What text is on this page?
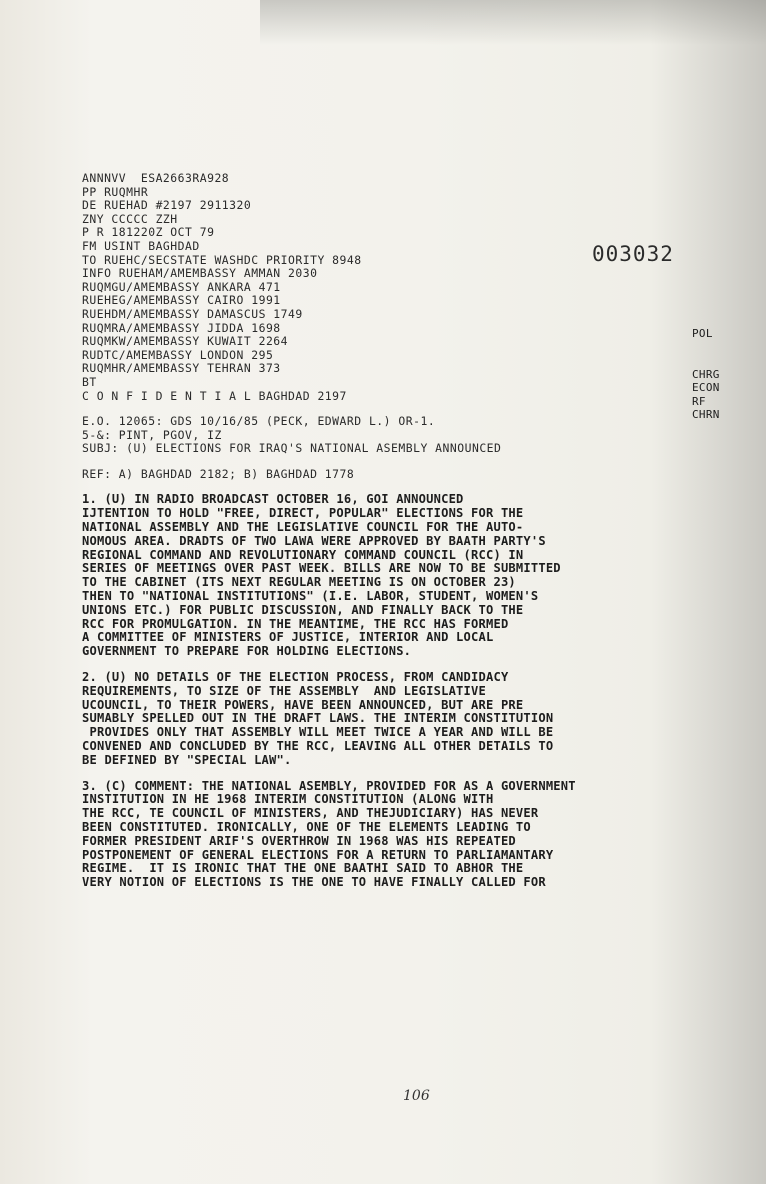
003032
POL
CHRG
ECON
RF
CHRN
ANNNVV  ESA2663RA928
PP RUQMHR
DE RUEHAD #2197 2911320
ZNY CCCCC ZZH
P R 181220Z OCT 79
FM USINT BAGHDAD
TO RUEHC/SECSTATE WASHDC PRIORITY 8948
INFO RUEHAM/AMEMBASSY AMMAN 2030
RUQMGU/AMEMBASSY ANKARA 471
RUEHEG/AMEMBASSY CAIRO 1991
RUEHDM/AMEMBASSY DAMASCUS 1749
RUQMRA/AMEMBASSY JIDDA 1698
RUQMKW/AMEMBASSY KUWAIT 2264
RUDTC/AMEMBASSY LONDON 295
RUQMHR/AMEMBASSY TEHRAN 373
BT
C O N F I D E N T I A L BAGHDAD 2197
E.O. 12065: GDS 10/16/85 (PECK, EDWARD L.) OR-1.
5-&: PINT, PGOV, IZ
SUBJ: (U) ELECTIONS FOR IRAQ'S NATIONAL ASEMBLY ANNOUNCED
REF: A) BAGHDAD 2182; B) BAGHDAD 1778
1. (U) IN RADIO BROADCAST OCTOBER 16, GOI ANNOUNCED
IJTENTION TO HOLD "FREE, DIRECT, POPULAR" ELECTIONS FOR THE
NATIONAL ASSEMBLY AND THE LEGISLATIVE COUNCIL FOR THE AUTO-
NOMOUS AREA. DRADTS OF TWO LAWA WERE APPROVED BY BAATH PARTY'S
REGIONAL COMMAND AND REVOLUTIONARY COMMAND COUNCIL (RCC) IN
SERIES OF MEETINGS OVER PAST WEEK. BILLS ARE NOW TO BE SUBMITTED
TO THE CABINET (ITS NEXT REGULAR MEETING IS ON OCTOBER 23)
THEN TO "NATIONAL INSTITUTIONS" (I.E. LABOR, STUDENT, WOMEN'S
UNIONS ETC.) FOR PUBLIC DISCUSSION, AND FINALLY BACK TO THE
RCC FOR PROMULGATION. IN THE MEANTIME, THE RCC HAS FORMED
A COMMITTEE OF MINISTERS OF JUSTICE, INTERIOR AND LOCAL
GOVERNMENT TO PREPARE FOR HOLDING ELECTIONS.
2. (U) NO DETAILS OF THE ELECTION PROCESS, FROM CANDIDACY
REQUIREMENTS, TO SIZE OF THE ASSEMBLY  AND LEGISLATIVE
UCOUNCIL, TO THEIR POWERS, HAVE BEEN ANNOUNCED, BUT ARE PRE
SUMABLY SPELLED OUT IN THE DRAFT LAWS. THE INTERIM CONSTITUTION
PROVIDES ONLY THAT ASSEMBLY WILL MEET TWICE A YEAR AND WILL BE
CONVENED AND CONCLUDED BY THE RCC, LEAVING ALL OTHER DETAILS TO
BE DEFINED BY "SPECIAL LAW".
3. (C) COMMENT: THE NATIONAL ASEMBLY, PROVIDED FOR AS A GOVERNMENT
INSTITUTION IN HE 1968 INTERIM CONSTITUTION (ALONG WITH
THE RCC, TE COUNCIL OF MINISTERS, AND THEJUDICIARY) HAS NEVER
BEEN CONSTITUTED. IRONICALLY, ONE OF THE ELEMENTS LEADING TO
FORMER PRESIDENT ARIF'S OVERTHROW IN 1968 WAS HIS REPEATED
POSTPONEMENT OF GENERAL ELECTIONS FOR A RETURN TO PARLIAMANTARY
REGIME.  IT IS IRONIC THAT THE ONE BAATHI SAID TO ABHOR THE
VERY NOTION OF ELECTIONS IS THE ONE TO HAVE FINALLY CALLED FOR
106
